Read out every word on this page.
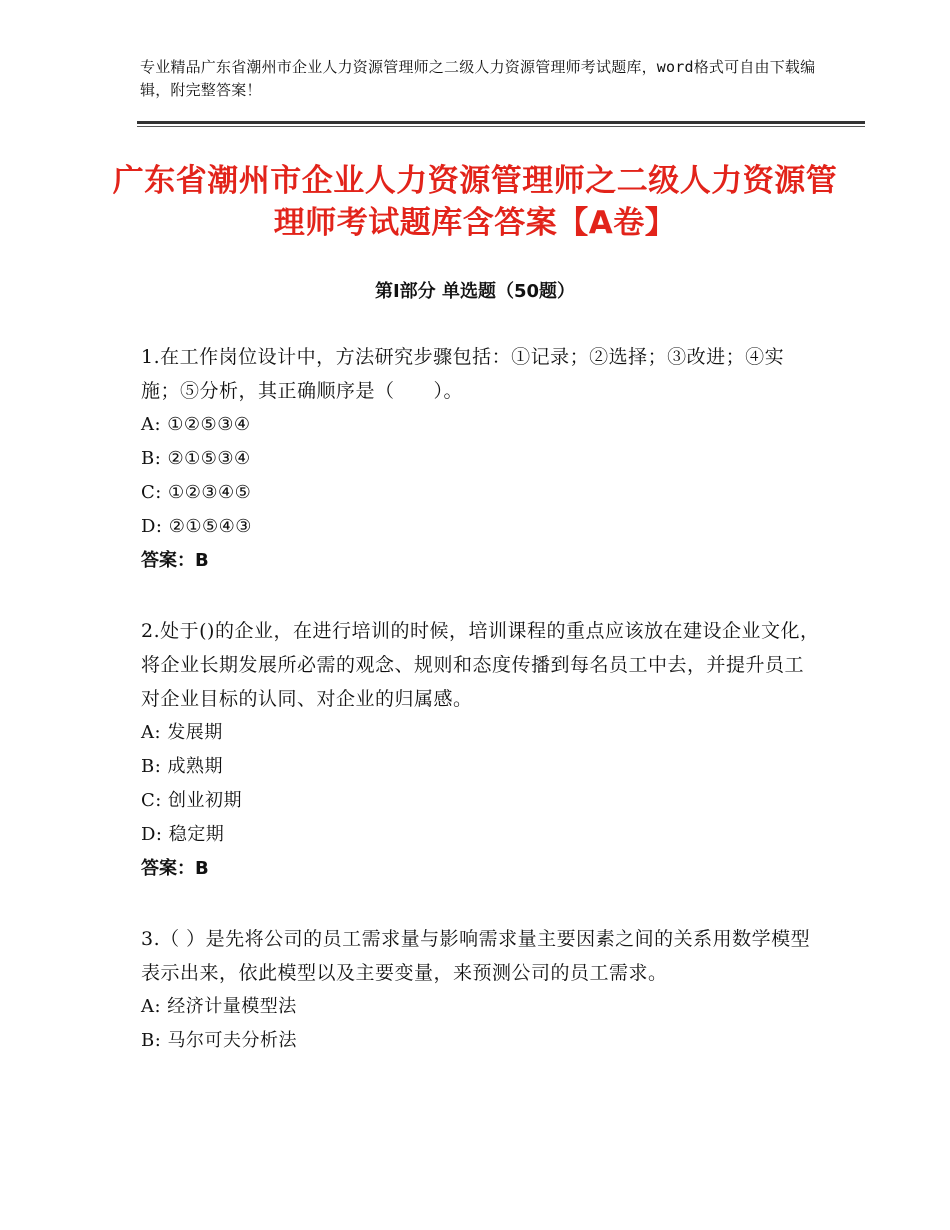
专业精品广东省潮州市企业人力资源管理师之二级人力资源管理师考试题库，word格式可自由下载编辑，附完整答案！
广东省潮州市企业人力资源管理师之二级人力资源管理师考试题库含答案【A卷】
第Ⅰ部分 单选题（50题）
1.在工作岗位设计中，方法研究步骤包括：①记录；②选择；③改进；④实施；⑤分析，其正确顺序是（　　）。
A: ①②⑤③④
B: ②①⑤③④
C: ①②③④⑤
D: ②①⑤④③
答案：B
2.处于()的企业，在进行培训的时候，培训课程的重点应该放在建设企业文化，将企业长期发展所必需的观念、规则和态度传播到每名员工中去，并提升员工对企业目标的认同、对企业的归属感。
A: 发展期
B: 成熟期
C: 创业初期
D: 稳定期
答案：B
3.（ ）是先将公司的员工需求量与影响需求量主要因素之间的关系用数学模型表示出来，依此模型以及主要变量，来预测公司的员工需求。
A: 经济计量模型法
B: 马尔可夫分析法
